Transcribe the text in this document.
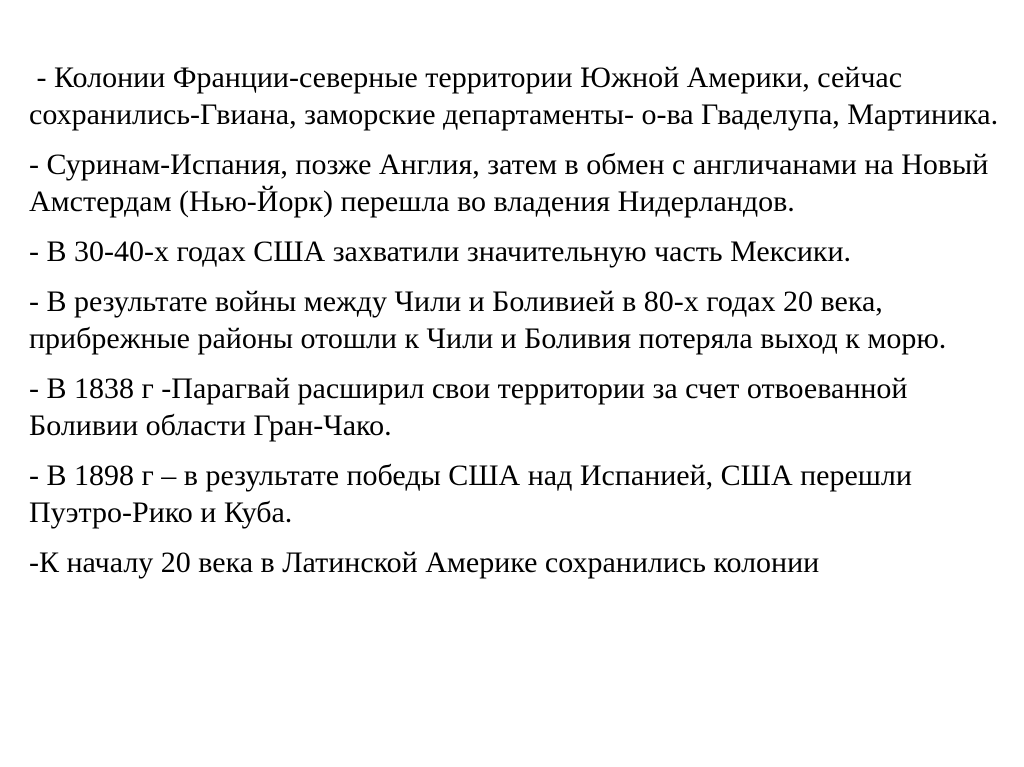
- Колонии Франции-северные территории Южной Америки, сейчас сохранились-Гвиана, заморские департаменты- о-ва Гваделупа, Мартиника.

- Суринам-Испания, позже Англия, затем в обмен с англичанами на Новый Амстердам (Нью-Йорк) перешла во владения Нидерландов.

- В 30-40-х годах США захватили значительную часть Мексики.

- В результате войны между Чили и Боливией в 80-х годах 20 века, прибрежные районы отошли к Чили и Боливия потеряла выход к морю.

- В 1838 г -Парагвай расширил свои территории за счет отвоеванной Боливии области Гран-Чако.

- В 1898 г – в результате победы США над Испанией, США перешли Пуэтро-Рико и Куба.

-К началу 20 века в Латинской Америке сохранились колонии
